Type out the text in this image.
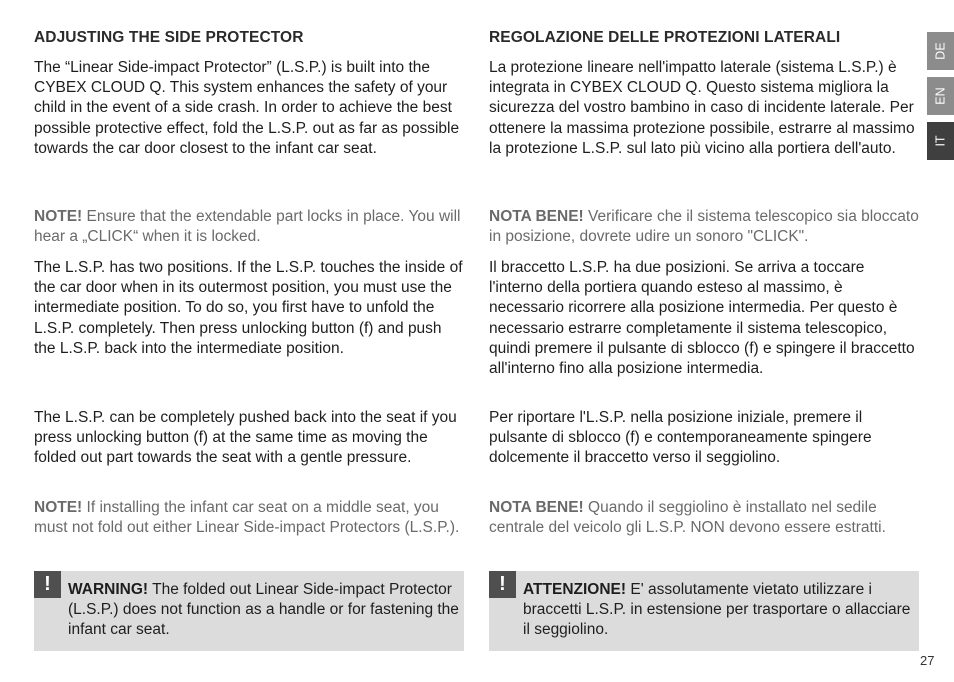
ADJUSTING THE SIDE PROTECTOR
The “Linear Side-impact Protector” (L.S.P.) is built into the CYBEX CLOUD Q. This system enhances the safety of your child in the event of a side crash. In order to achieve the best possible protective effect, fold the L.S.P. out as far as possible towards the car door closest to the infant car seat.
NOTE! Ensure that the extendable part locks in place. You will hear a „CLICK“ when it is locked.
The L.S.P. has two positions. If the L.S.P. touches the inside of the car door when in its outermost position, you must use the intermediate position. To do so, you first have to unfold the L.S.P. completely. Then press unlocking button (f) and push the L.S.P. back into the intermediate position.
The L.S.P. can be completely pushed back into the seat if you press unlocking button (f) at the same time as moving the folded out part towards the seat with a gentle pressure.
NOTE! If installing the infant car seat on a middle seat, you must not fold out either Linear Side-impact Protectors (L.S.P.).
!	WARNING! The folded out Linear Side-impact Protector (L.S.P.) does not function as a handle or for fastening the infant car seat.
REGOLAZIONE DELLE PROTEZIONI LATERALI
La protezione lineare nell'impatto laterale (sistema L.S.P.) è integrata in CYBEX CLOUD Q. Questo sistema migliora la sicurezza del vostro bambino in caso di incidente laterale. Per ottenere la massima protezione possibile, estrarre al massimo la protezione L.S.P. sul lato più vicino alla portiera dell'auto.
NOTA BENE! Verificare che il sistema telescopico sia bloccato in posizione, dovrete udire un sonoro "CLICK".
Il braccetto L.S.P. ha due posizioni. Se arriva a toccare l'interno della portiera quando esteso al massimo, è necessario ricorrere alla posizione intermedia. Per questo è necessario estrarre completamente il sistema telescopico, quindi premere il pulsante di sblocco (f) e spingere il braccetto all'interno fino alla posizione intermedia.
Per riportare l'L.S.P. nella posizione iniziale, premere il pulsante di sblocco (f) e contemporaneamente spingere dolcemente il braccetto verso il seggiolino.
NOTA BENE! Quando il seggiolino è installato nel sedile centrale del veicolo gli L.S.P. NON devono essere estratti.
!	ATTENZIONE! E' assolutamente vietato utilizzare i braccetti L.S.P. in estensione per trasportare o allacciare il seggiolino.
DE
EN
IT
27
